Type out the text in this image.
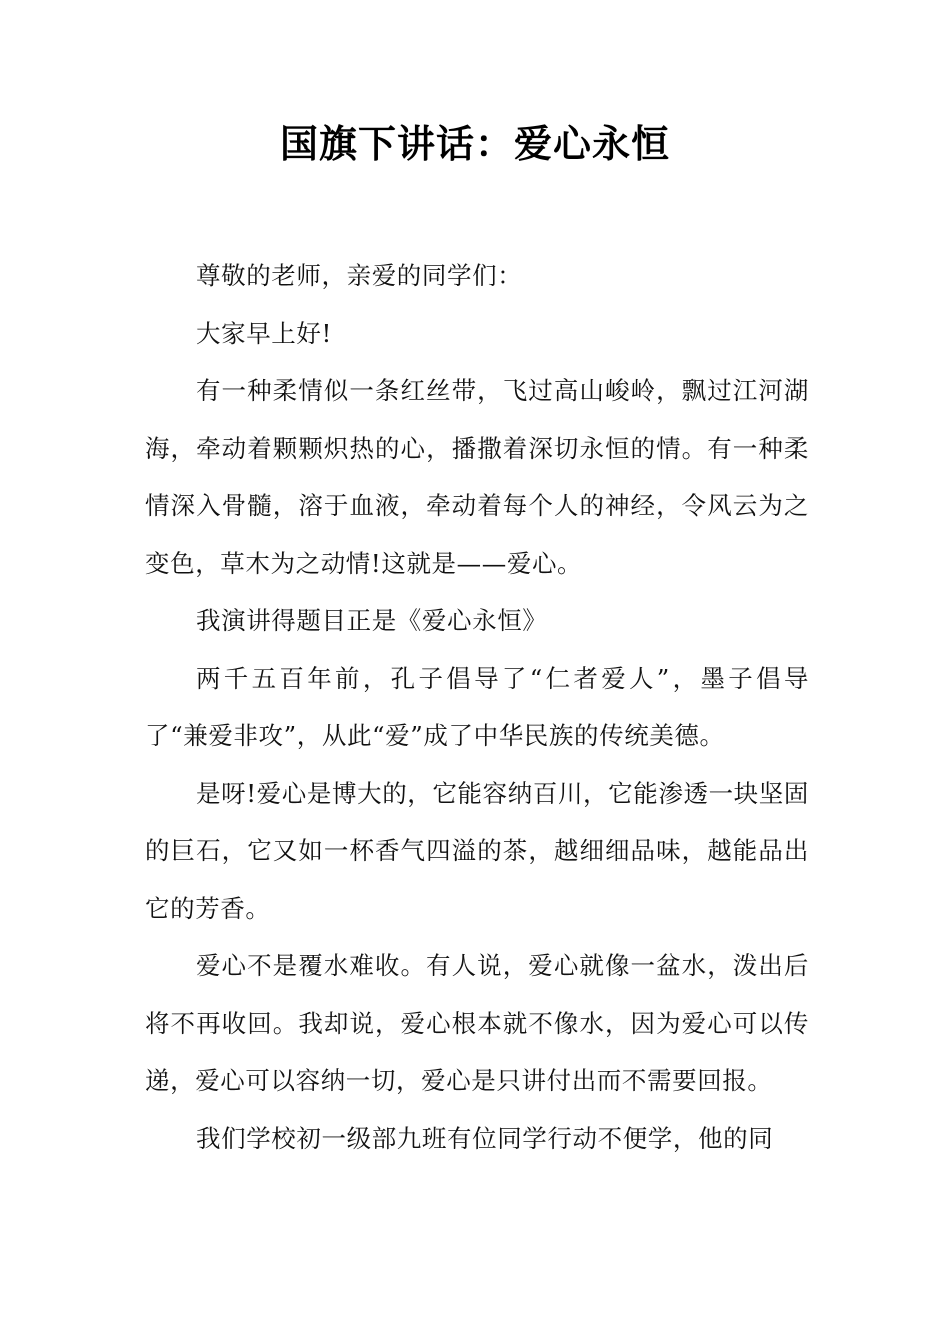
国旗下讲话：爱心永恒

尊敬的老师，亲爱的同学们：

大家早上好!

有一种柔情似一条红丝带，飞过高山峻岭，飘过江河湖海，牵动着颗颗炽热的心，播撒着深切永恒的情。有一种柔情深入骨髓，溶于血液，牵动着每个人的神经，令风云为之变色，草木为之动情!这就是——爱心。

我演讲得题目正是《爱心永恒》

两千五百年前，孔子倡导了“仁者爱人”，墨子倡导了“兼爱非攻”，从此“爱”成了中华民族的传统美德。

是呀!爱心是博大的，它能容纳百川，它能渗透一块坚固的巨石，它又如一杯香气四溢的茶，越细细品味，越能品出它的芳香。

爱心不是覆水难收。有人说，爱心就像一盆水，泼出后将不再收回。我却说，爱心根本就不像水，因为爱心可以传递，爱心可以容纳一切，爱心是只讲付出而不需要回报。

我们学校初一级部九班有位同学行动不便学，他的同
